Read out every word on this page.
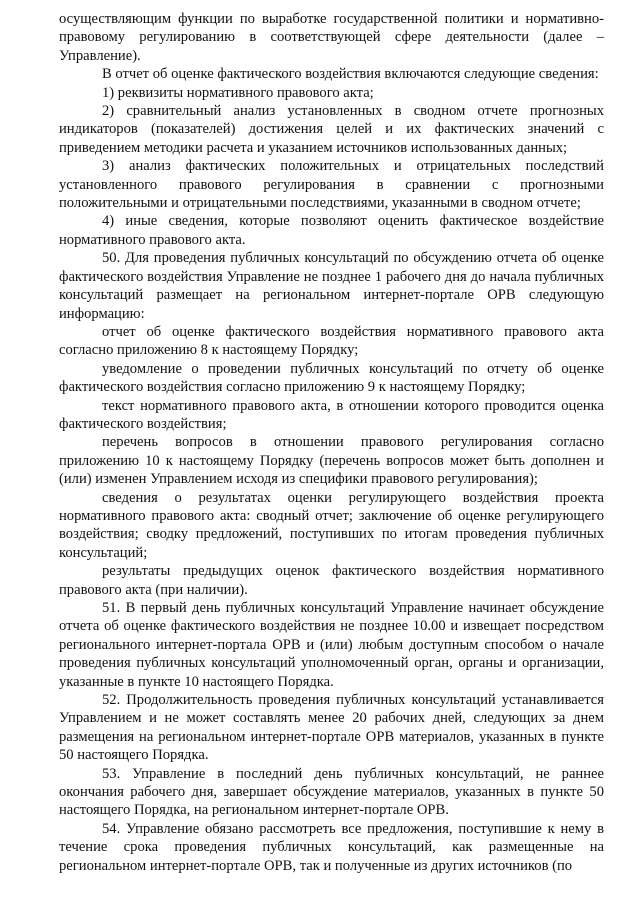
осуществляющим функции по выработке государственной политики и нормативно-правовому регулированию в соответствующей сфере деятельности (далее – Управление).

В отчет об оценке фактического воздействия включаются следующие сведения:

1) реквизиты нормативного правового акта;

2) сравнительный анализ установленных в сводном отчете прогнозных индикаторов (показателей) достижения целей и их фактических значений с приведением методики расчета и указанием источников использованных данных;

3) анализ фактических положительных и отрицательных последствий установленного правового регулирования в сравнении с прогнозными положительными и отрицательными последствиями, указанными в сводном отчете;

4) иные сведения, которые позволяют оценить фактическое воздействие нормативного правового акта.

50. Для проведения публичных консультаций по обсуждению отчета об оценке фактического воздействия Управление не позднее 1 рабочего дня до начала публичных консультаций размещает на региональном интернет-портале ОРВ следующую информацию:

отчет об оценке фактического воздействия нормативного правового акта согласно приложению 8 к настоящему Порядку;

уведомление о проведении публичных консультаций по отчету об оценке фактического воздействия согласно приложению 9 к настоящему Порядку;

текст нормативного правового акта, в отношении которого проводится оценка фактического воздействия;

перечень вопросов в отношении правового регулирования согласно приложению 10 к настоящему Порядку (перечень вопросов может быть дополнен и (или) изменен Управлением исходя из специфики правового регулирования);

сведения о результатах оценки регулирующего воздействия проекта нормативного правового акта: сводный отчет; заключение об оценке регулирующего воздействия; сводку предложений, поступивших по итогам проведения публичных консультаций;

результаты предыдущих оценок фактического воздействия нормативного правового акта (при наличии).

51. В первый день публичных консультаций Управление начинает обсуждение отчета об оценке фактического воздействия не позднее 10.00 и извещает посредством регионального интернет-портала ОРВ и (или) любым доступным способом о начале проведения публичных консультаций уполномоченный орган, органы и организации, указанные в пункте 10 настоящего Порядка.

52. Продолжительность проведения публичных консультаций устанавливается Управлением и не может составлять менее 20 рабочих дней, следующих за днем размещения на региональном интернет-портале ОРВ материалов, указанных в пункте 50 настоящего Порядка.

53. Управление в последний день публичных консультаций, не раннее окончания рабочего дня, завершает обсуждение материалов, указанных в пункте 50 настоящего Порядка, на региональном интернет-портале ОРВ.

54. Управление обязано рассмотреть все предложения, поступившие к нему в течение срока проведения публичных консультаций, как размещенные на региональном интернет-портале ОРВ, так и полученные из других источников (по
